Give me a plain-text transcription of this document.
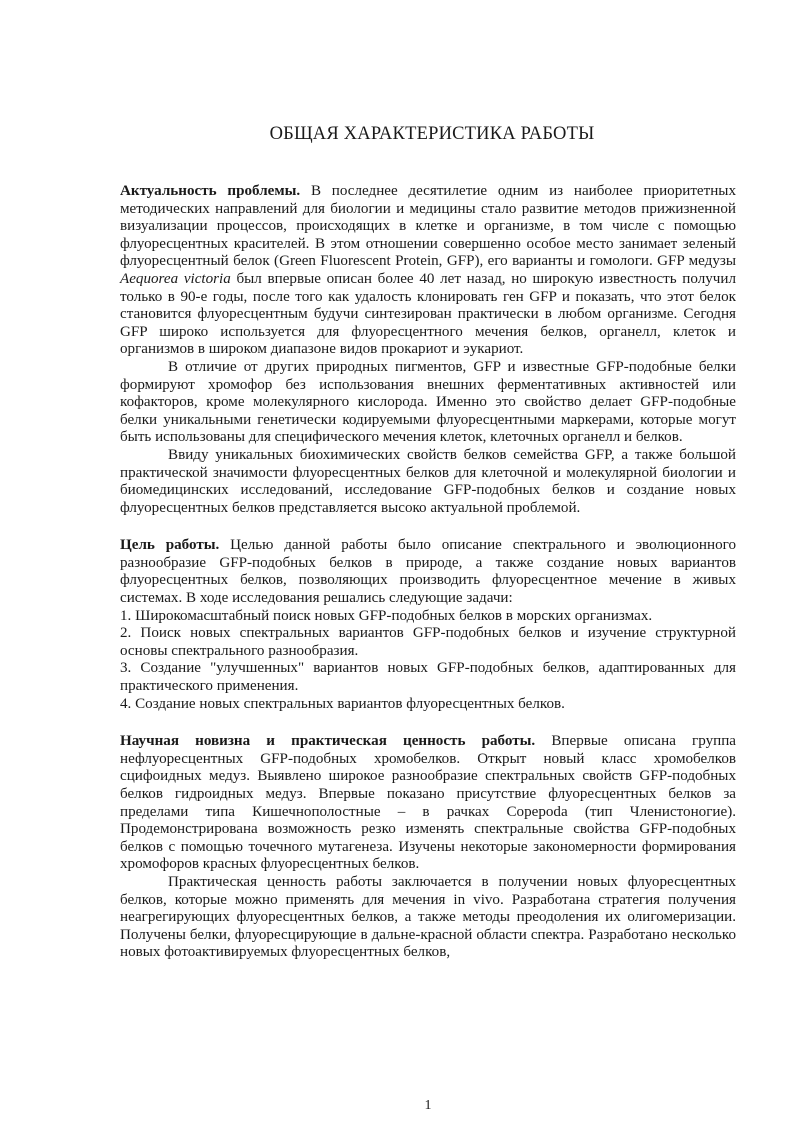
ОБЩАЯ ХАРАКТЕРИСТИКА РАБОТЫ

Актуальность проблемы. В последнее десятилетие одним из наиболее приоритетных методических направлений для биологии и медицины стало развитие методов прижизненной визуализации процессов, происходящих в клетке и организме, в том числе с помощью флуоресцентных красителей. В этом отношении совершенно особое место занимает зеленый флуоресцентный белок (Green Fluorescent Protein, GFP), его варианты и гомологи. GFP медузы Aequorea victoria был впервые описан более 40 лет назад, но широкую известность получил только в 90-е годы, после того как удалость клонировать ген GFP и показать, что этот белок становится флуоресцентным будучи синтезирован практически в любом организме. Сегодня GFP широко используется для флуоресцентного мечения белков, органелл, клеток и организмов в широком диапазоне видов прокариот и эукариот.

В отличие от других природных пигментов, GFP и известные GFP-подобные белки формируют хромофор без использования внешних ферментативных активностей или кофакторов, кроме молекулярного кислорода. Именно это свойство делает GFP-подобные белки уникальными генетически кодируемыми флуоресцентными маркерами, которые могут быть использованы для специфического мечения клеток, клеточных органелл и белков.

Ввиду уникальных биохимических свойств белков семейства GFP, а также большой практической значимости флуоресцентных белков для клеточной и молекулярной биологии и биомедицинских исследований, исследование GFP-подобных белков и создание новых флуоресцентных белков представляется высоко актуальной проблемой.

Цель работы. Целью данной работы было описание спектрального и эволюционного разнообразие GFP-подобных белков в природе, а также создание новых вариантов флуоресцентных белков, позволяющих производить флуоресцентное мечение в живых системах. В ходе исследования решались следующие задачи:

1. Широкомасштабный поиск новых GFP-подобных белков в морских организмах.

2. Поиск новых спектральных вариантов GFP-подобных белков и изучение структурной основы спектрального разнообразия.

3. Создание "улучшенных" вариантов новых GFP-подобных белков, адаптированных для практического применения.

4. Создание новых спектральных вариантов флуоресцентных белков.

Научная новизна и практическая ценность работы. Впервые описана группа нефлуоресцентных GFP-подобных хромобелков. Открыт новый класс хромобелков сцифоидных медуз. Выявлено широкое разнообразие спектральных свойств GFP-подобных белков гидроидных медуз. Впервые показано присутствие флуоресцентных белков за пределами типа Кишечнополостные – в рачках Copepoda (тип Членистоногие). Продемонстрирована возможность резко изменять спектральные свойства GFP-подобных белков с помощью точечного мутагенеза. Изучены некоторые закономерности формирования хромофоров красных флуоресцентных белков.

Практическая ценность работы заключается в получении новых флуоресцентных белков, которые можно применять для мечения in vivo. Разработана стратегия получения неагрегирующих флуоресцентных белков, а также методы преодоления их олигомеризации. Получены белки, флуоресцирующие в дальне-красной области спектра. Разработано несколько новых фотоактивируемых флуоресцентных белков,

1
